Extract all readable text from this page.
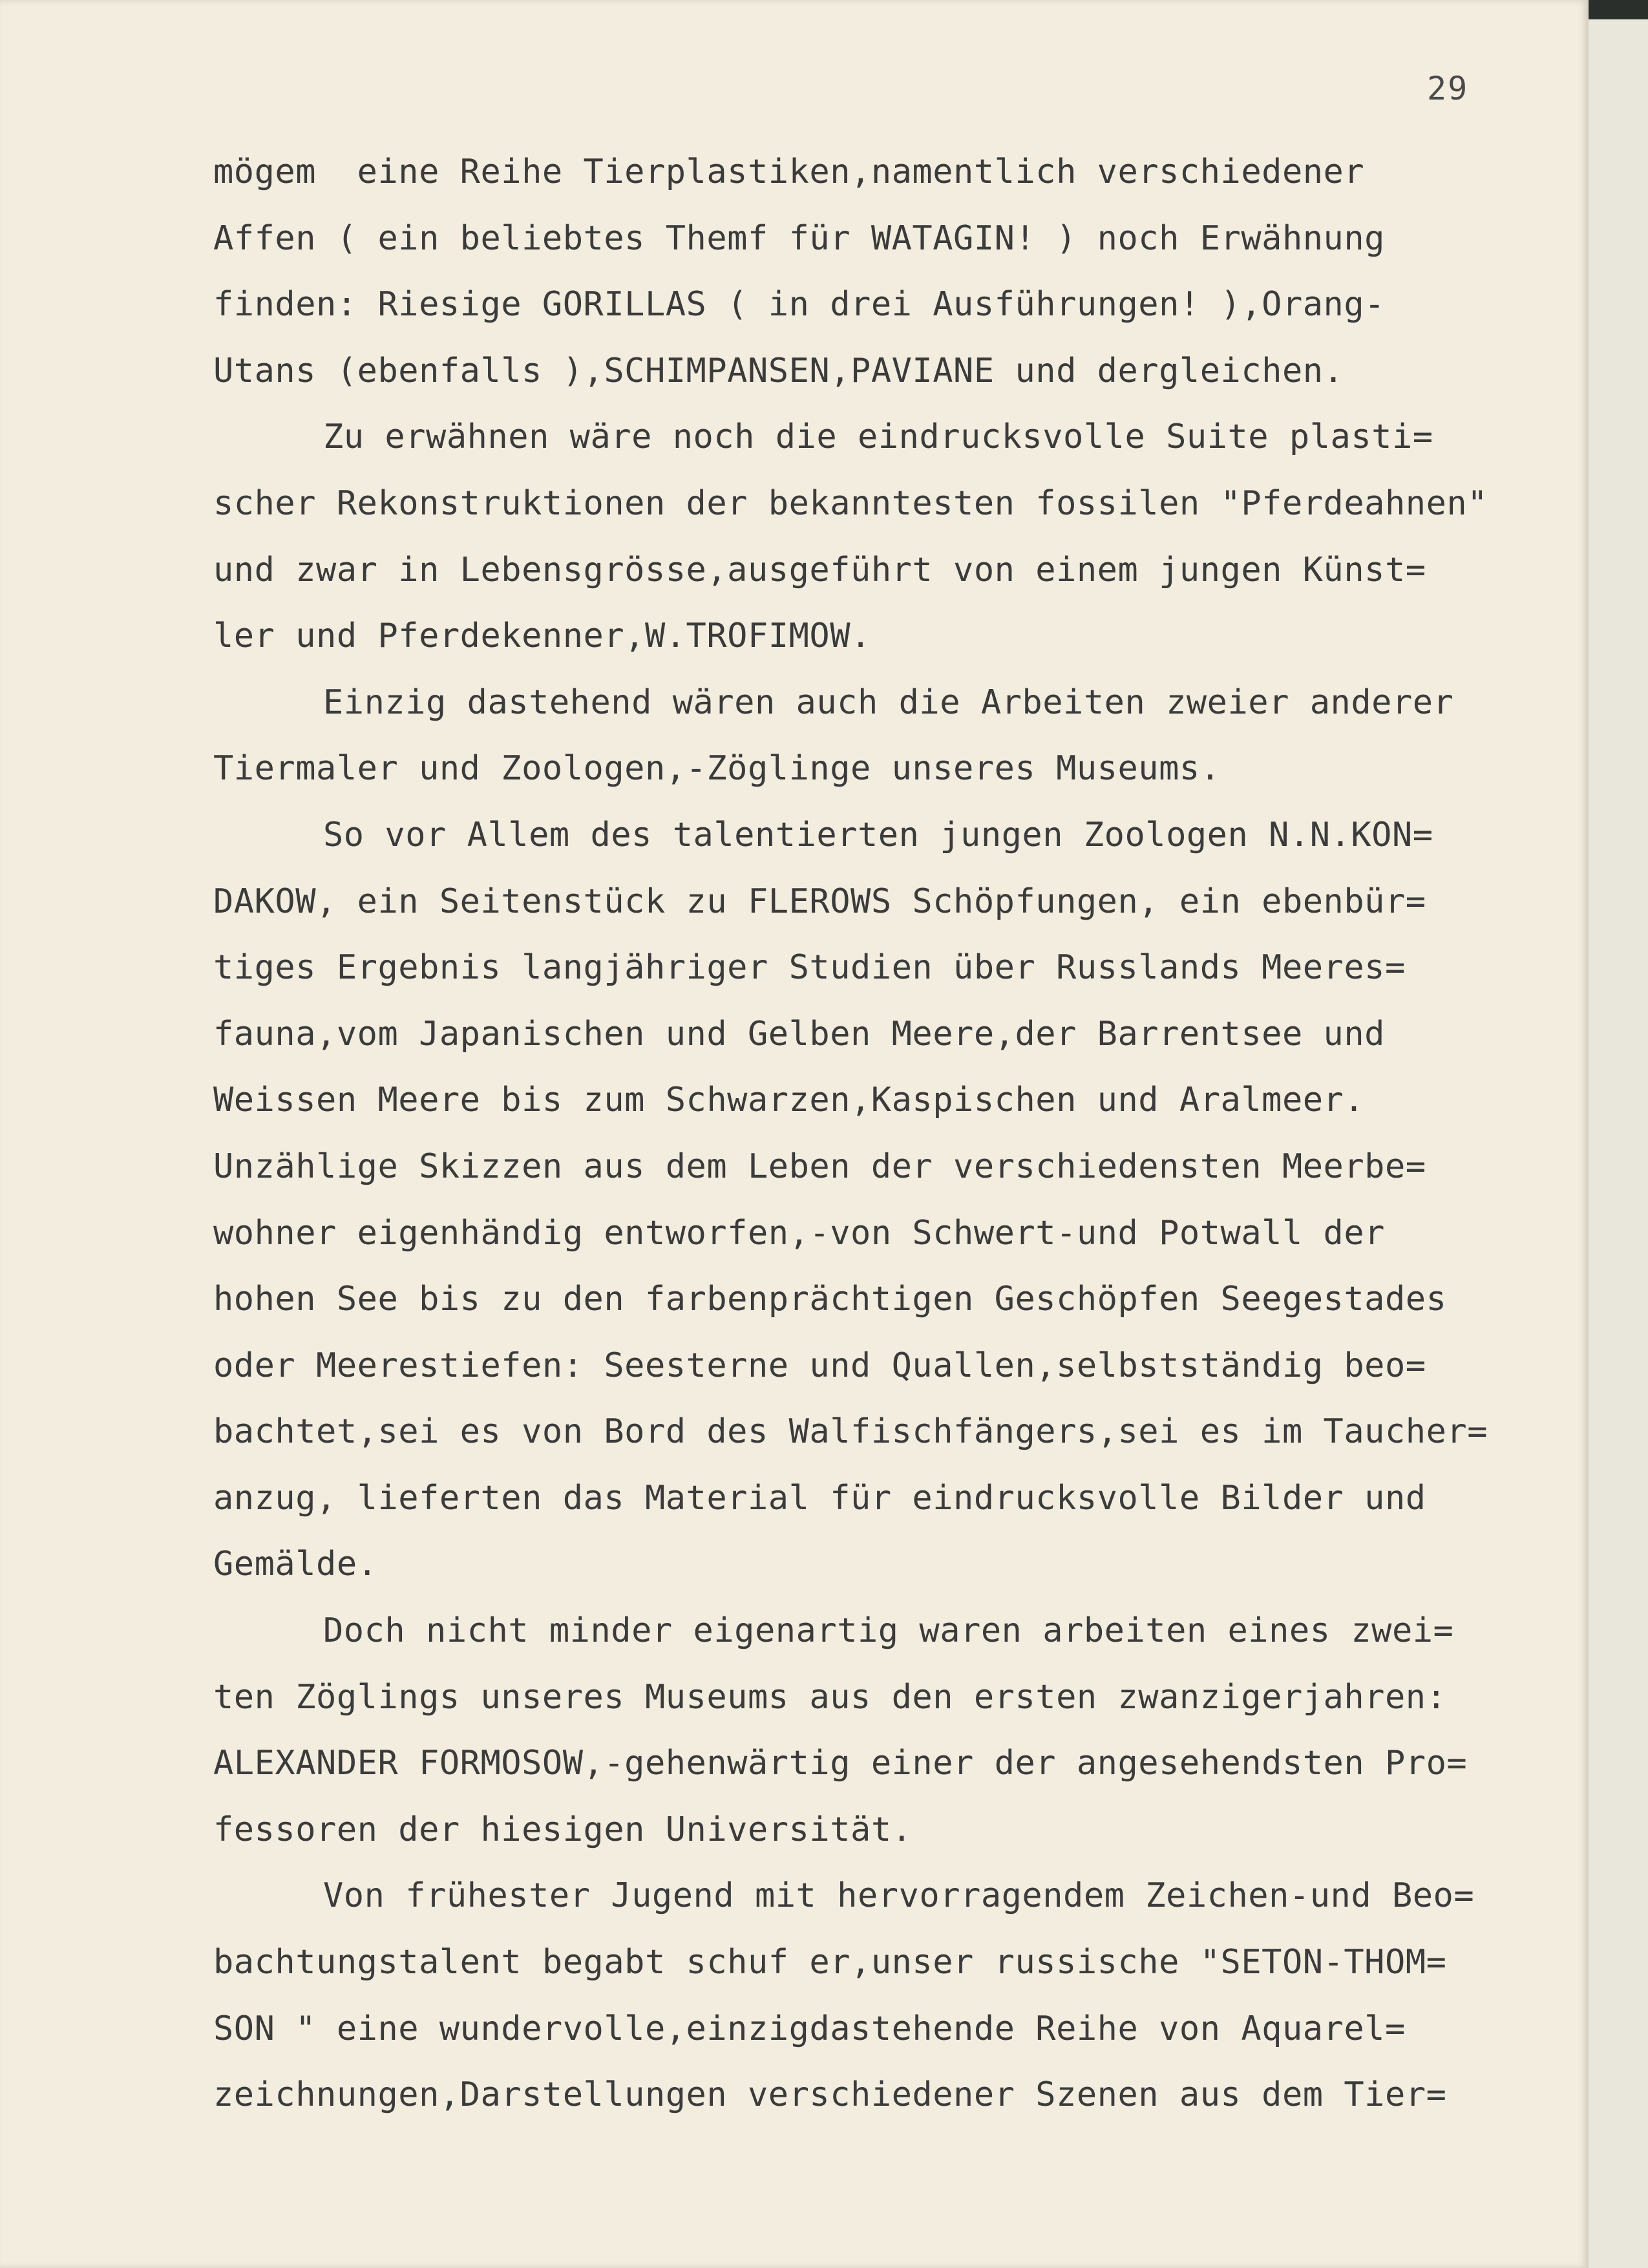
29
mögem  eine Reihe Tierplastiken,namentlich verschiedener
Affen ( ein beliebtes Themf für WATAGIN! ) noch Erwähnung
finden: Riesige GORILLAS ( in drei Ausführungen! ),Orang-
Utans (ebenfalls ),SCHIMPANSEN,PAVIANE und dergleichen.
Zu erwähnen wäre noch die eindrucksvolle Suite plasti=
scher Rekonstruktionen der bekanntesten fossilen "Pferdeahnen"
und zwar in Lebensgrösse,ausgeführt von einem jungen Künst=
ler und Pferdekenner,W.TROFIMOW.
Einzig dastehend wären auch die Arbeiten zweier anderer
Tiermaler und Zoologen,-Zöglinge unseres Museums.
So vor Allem des talentierten jungen Zoologen N.N.KON=
DAKOW, ein Seitenstück zu FLEROWS Schöpfungen, ein ebenbür=
tiges Ergebnis langjähriger Studien über Russlands Meeres=
fauna,vom Japanischen und Gelben Meere,der Barrentsee und
Weissen Meere bis zum Schwarzen,Kaspischen und Aralmeer.
Unzählige Skizzen aus dem Leben der verschiedensten Meerbe=
wohner eigenhändig entworfen,-von Schwert-und Potwall der
hohen See bis zu den farbenprächtigen Geschöpfen Seegestades
oder Meerestiefen: Seesterne und Quallen,selbstständig beo=
bachtet,sei es von Bord des Walfischfängers,sei es im Taucher=
anzug, lieferten das Material für eindrucksvolle Bilder und
Gemälde.
Doch nicht minder eigenartig waren arbeiten eines zwei=
ten Zöglings unseres Museums aus den ersten zwanzigerjahren:
ALEXANDER FORMOSOW,-gehenwärtig einer der angesehendsten Pro=
fessoren der hiesigen Universität.
Von frühester Jugend mit hervorragendem Zeichen-und Beo=
bachtungstalent begabt schuf er,unser russische "SETON-THOM=
SON " eine wundervolle,einzigdastehende Reihe von Aquarel=
zeichnungen,Darstellungen verschiedener Szenen aus dem Tier=
